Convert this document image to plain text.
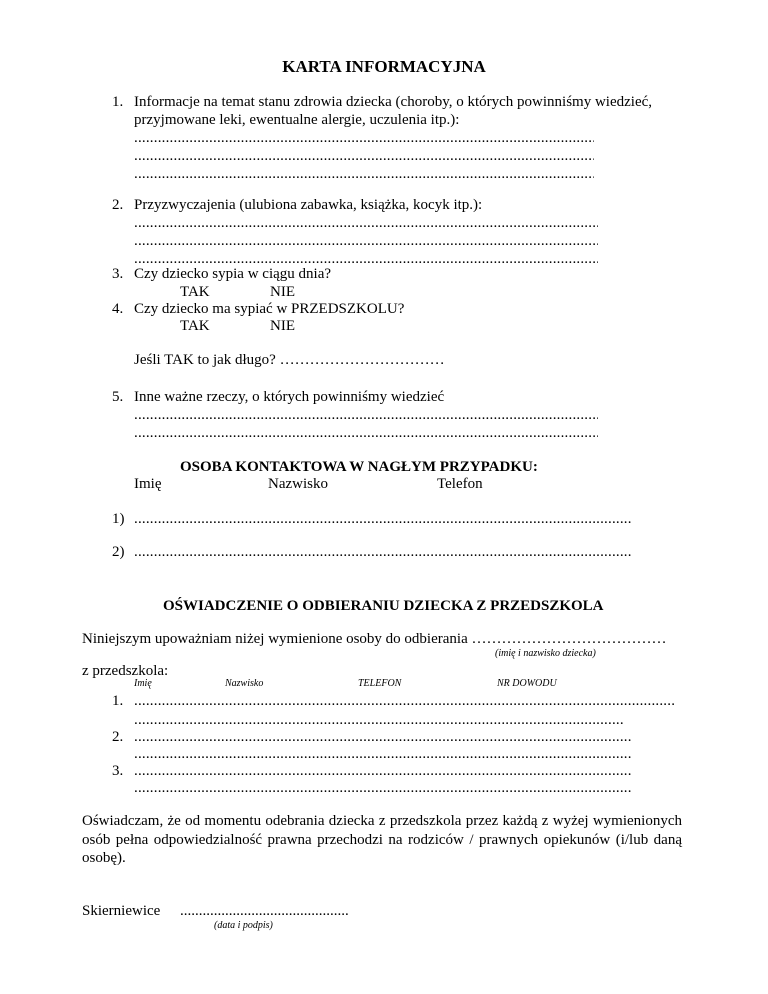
KARTA INFORMACYJNA
1. Informacje na temat stanu zdrowia dziecka (choroby, o których powinniśmy wiedzieć,
przyjmowane leki, ewentualne alergie, uczulenia itp.):
.....
.....
.....
2. Przyzwyczajenia (ulubiona zabawka, książka, kocyk itp.):
.....
.....
.....
3. Czy dziecko sypia w ciągu dnia?
TAK	NIE
4. Czy dziecko ma sypiać w PRZEDSZKOLU?
TAK	NIE
Jeśli TAK to jak długo? ……………………………
5. Inne ważne rzeczy, o których powinniśmy wiedzieć
.....
.....
OSOBA KONTAKTOWA W NAGŁYM PRZYPADKU:
Imię	Nazwisko	Telefon
1)
.....
2)
.....
OŚWIADCZENIE O ODBIERANIU DZIECKA Z PRZEDSZKOLA
Niniejszym upoważniam niżej wymienione osoby do odbierania …………………………………
(imię i nazwisko dziecka)
z przedszkola:
Imię	Nazwisko	TELEFON	NR DOWODU
1.
.....
.....
2.
.....
.....
3.
.....
.....
Oświadczam, że od momentu odebrania dziecka z przedszkola przez każdą z wyżej wymienionych osób pełna odpowiedzialność prawna przechodzi na rodziców / prawnych opiekunów (i/lub daną osobę).
Skierniewice .............................................
(data i podpis)
